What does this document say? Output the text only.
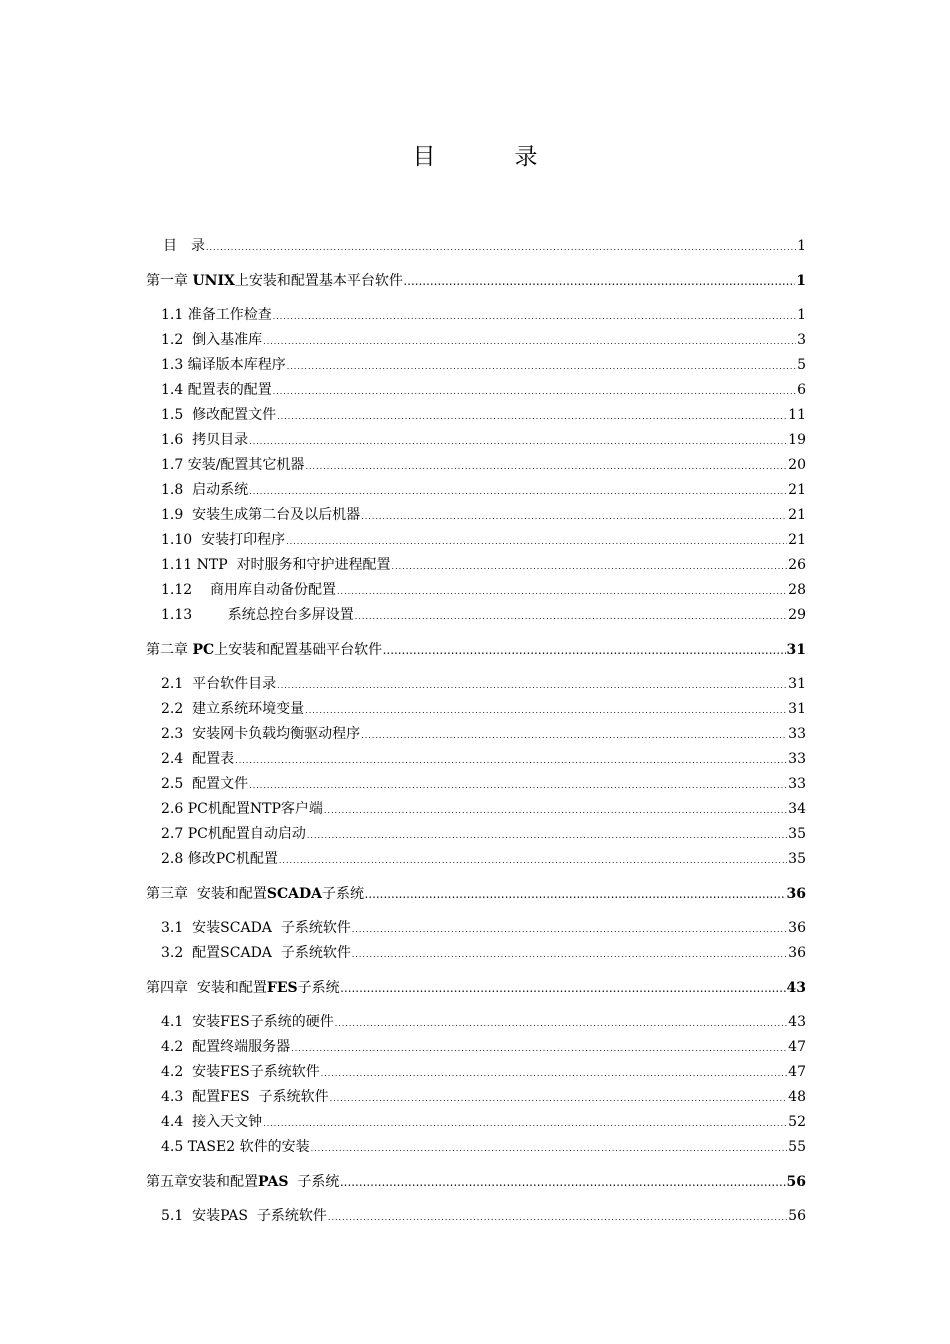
目　录
目　录 .....	1
第一章 UNIX 上安装和配置基本平台软件 .....	1
1.1 准备工作检查 .....	1
1.2 倒入基准库 .....	3
1.3 编译版本库程序 .....	5
1.4 配置表的配置 .....	6
1.5 修改配置文件 .....	11
1.6 拷贝目录 .....	19
1.7 安装/配置其它机器 .....	20
1.8 启动系统 .....	21
1.9 安装生成第二台及以后机器 .....	21
1.10 安装打印程序 .....	21
1.11 NTP  对时服务和守护进程配置 .....	26
1.12 商用库自动备份配置 .....	28
1.13 系统总控台多屏设置 .....	29
第二章 PC 上安装和配置基础平台软件 .....	31
2.1 平台软件目录 .....	31
2.2 建立系统环境变量 .....	31
2.3 安装网卡负载均衡驱动程序 .....	33
2.4 配置表 .....	33
2.5 配置文件 .....	33
2.6 PC机配置NTP客户端 .....	34
2.7 PC机配置自动启动 .....	35
2.8 修改PC机配置 .....	35
第三章  安装和配置 SCADA 子系统 .....	36
3.1 安装SCADA  子系统软件 .....	36
3.2 配置SCADA  子系统软件 .....	36
第四章  安装和配置 FES 子系统 .....	43
4.1 安装FES子系统的硬件 .....	43
4.2 配置终端服务器 .....	47
4.2 安装FES子系统软件 .....	47
4.3 配置FES  子系统软件 .....	48
4.4 接入天文钟 .....	52
4.5 TASE2 软件的安装 .....	55
第五章安装和配置 PAS 子系统 .....	56
5.1 安装PAS  子系统软件 .....	56
